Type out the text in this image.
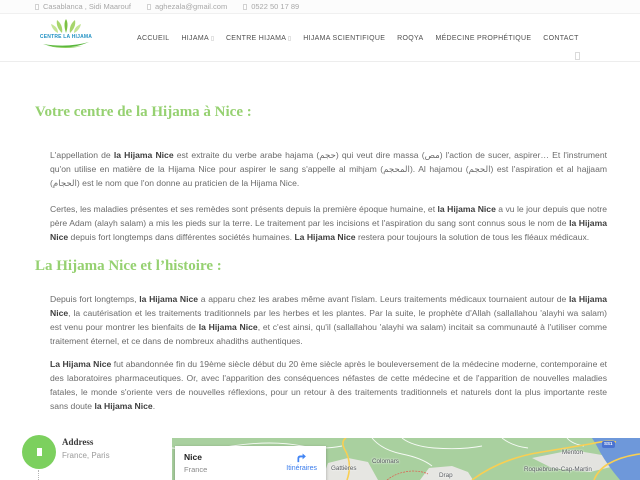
Casablanca , Sidi Maarouf	aghezala@gmail.com	0522 50 17 89
CENTRE LA HIJAMA	ACCUEIL HIJAMA CENTRE HIJAMA HIJAMA SCIENTIFIQUE ROQYA MÉDECINE PROPHÉTIQUE CONTACT
Votre centre de la Hijama à Nice :

L'appellation de la Hijama Nice est extraite du verbe arabe hajama (حجم) qui veut dire massa (مص) l'action de sucer, aspirer… Et l'instrument qu'on utilise en matière de la Hijama Nice pour aspirer le sang s'appelle al mihjam (المحجم). Al hajamou (الحجم) est l'aspiration et al hajjaam (الحجام) est le nom que l'on donne au praticien de la Hijama Nice.

Certes, les maladies présentes et ses remèdes sont présents depuis la première époque humaine, et la Hijama Nice a vu le jour depuis que notre père Adam (alayh salam) a mis les pieds sur la terre. Le traitement par les incisions et l'aspiration du sang sont connus sous le nom de la Hijama Nice depuis fort longtemps dans différentes sociétés humaines. La Hijama Nice restera pour toujours la solution de tous les fléaux médicaux.

La Hijama Nice et l’histoire :

Depuis fort longtemps, la Hijama Nice a apparu chez les arabes même avant l'islam. Leurs traitements médicaux tournaient autour de la Hijama Nice, la cautérisation et les traitements traditionnels par les herbes et les plantes. Par la suite, le prophète d'Allah (sallallahou 'alayhi wa salam) est venu pour montrer les bienfaits de la Hijama Nice, et c'est ainsi, qu'il (sallallahou 'alayhi wa salam) incitait sa communauté à l'utiliser comme traitement éternel, et ce dans de nombreux ahadiths authentiques.

La Hijama Nice fut abandonnée fin du 19ème siècle début du 20 ème siècle après le bouleversement de la médecine moderne, contemporaine et des laboratoires pharmaceutiques. Or, avec l'apparition des conséquences néfastes de cette médecine et de l'apparition de nouvelles maladies fatales, le monde s'oriente vers de nouvelles réflexions, pour un retour à des traitements traditionnels et naturels dont la plus importante reste sans doute la Hijama Nice.

Address
France, Paris
Gattières
Colomars
Drap
Menton
Roquebrune-Cap-Martin
SS1
Nice
France	Itinéraires
